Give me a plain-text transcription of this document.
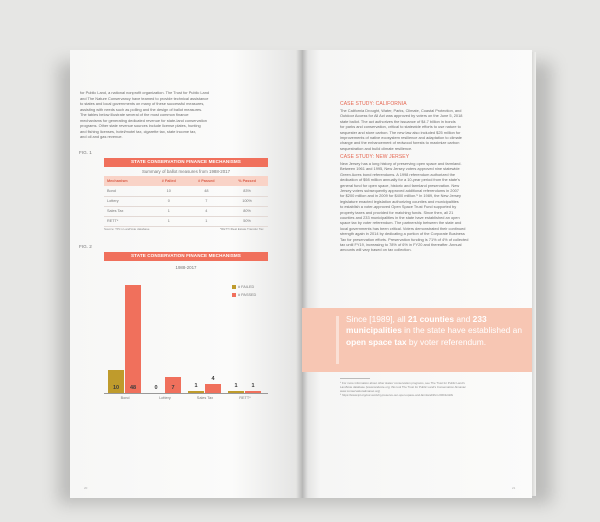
for Public Land, a national nonprofit organization. The Trust for Public Land
and The Nature Conservancy have teamed to provide technical assistance
to states and local governments on many of these successful measures,
assisting with needs such as polling and the design of ballot measures.
The tables below illustrate several of the most common finance
mechanisms for generating dedicated revenue for state-land conservation
programs. Other state revenue sources include license plates, hunting
and fishing licenses, hotel/motel tax, cigarette tax, state income tax,
and oil and gas revenue.
FIG. 1
STATE CONSERVATION FINANCE MECHANISMS
Summary of ballot measures from 1988-2017
Mechanism	# Failed	# Passed	% Passed
Bond	10	48	83%
Lottery	0	7	100%
Sales Tax	1	4	80%
RETT*	1	1	50%
Source: TPL's LandVote database	*RETT=Real Estate Transfer Tax
FIG. 2
STATE CONSERVATION FINANCE MECHANISMS
1988-2017
10	48
Bond
0	7
Lottery
1
4
Sales Tax
1	1
RETT*
# FAILED
# PASSED
20
CASE STUDY: CALIFORNIA
The California Drought, Water, Parks, Climate, Coastal Protection, and
Outdoor Access for All Act was approved by voters on the June 5, 2018
state ballot. The act authorizes the issuance of $4.7 billion in bonds
for parks and conservation, critical to statewide efforts to use nature to
sequester and store carbon. The new law also included $25 million for
improvements of native ecosystem resilience and adaptation to climate
change and the enhancement of redwood forests to maximize carbon
sequestration and build climate resilience.
CASE STUDY: NEW JERSEY
New Jersey has a long history of preserving open space and farmland.
Between 1961 and 1995, New Jersey voters approved nine statewide
Green Acres bond referendums. A 1998 referendum authorized the
dedication of $98 million annually for a 10-year period from the state's
general fund for open space, historic and farmland preservation. New
Jersey voters subsequently approved additional referendums in 2007
for $200 million and in 2009 for $400 million.⁵ In 1989, the New Jersey
legislature enacted legislation authorizing counties and municipalities
to establish a voter-approved Open Space Trust Fund supported by
property taxes and provided for matching funds. Since then, all 21
counties and 233 municipalities in the state have established an open
space tax by voter referendum. The partnership between the state and
local governments has been critical. Voters demonstrated their continued
strength again in 2014 by dedicating a portion of the Corporate Business
Tax for preservation efforts. Preservation funding is 71% of 4% of collected
tax until FY19, increasing to 78% of 6% in FY20 and thereafter. Annual
amounts will vary based on tax collection.
Since [1989], all 21 counties and 233 municipalities in the state have established an open space tax by voter referendum.
⁴ For more information about other states' conservation programs, see The Trust for Public Land's
LandVote database (www.landvote.org; this tool The Trust for Public Land's Conservation Almanac
www.conservationalmanac.org)
⁵ https://www.tpl.org/our-work/nj-preserve-our-open-space-and-farmland/#sm.0004LGRk
21
